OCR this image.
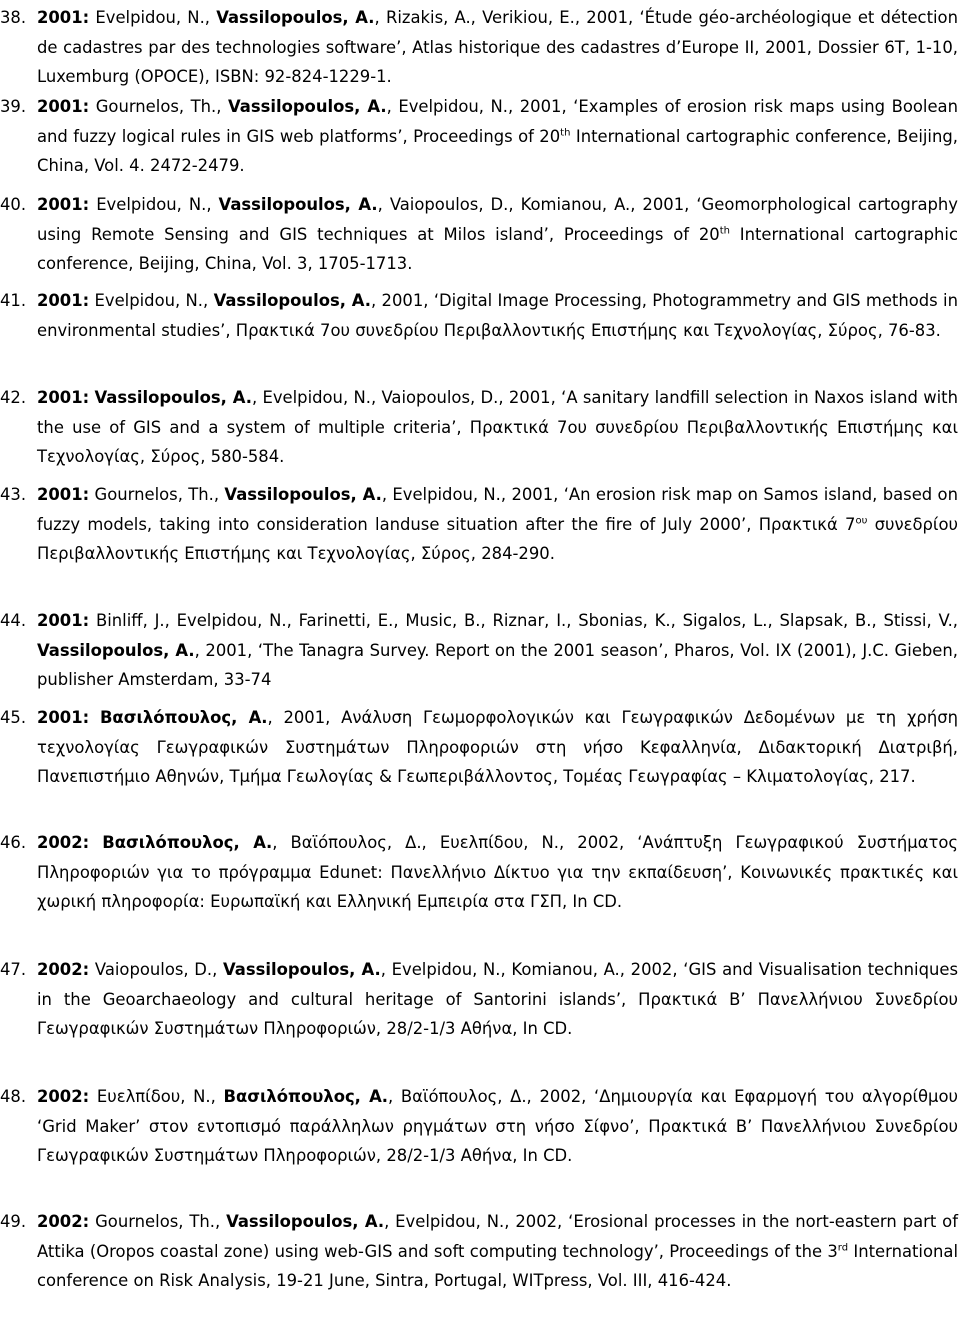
38. 2001: Evelpidou, N., Vassilopoulos, A., Rizakis, A., Verikiou, E., 2001, ‘Étude géo-archéologique et détection de cadastres par des technologies software’, Atlas historique des cadastres d’Europe II, 2001, Dossier 6T, 1-10, Luxemburg (OPOCE), ISBN: 92-824-1229-1.
39. 2001: Gournelos, Th., Vassilopoulos, A., Evelpidou, N., 2001, ‘Examples of erosion risk maps using Boolean and fuzzy logical rules in GIS web platforms’, Proceedings of 20th International cartographic conference, Beijing, China, Vol. 4. 2472-2479.
40. 2001: Evelpidou, N., Vassilopoulos, A., Vaiopoulos, D., Komianou, A., 2001, ‘Geomorphological cartography using Remote Sensing and GIS techniques at Milos island’, Proceedings of 20th International cartographic conference, Beijing, China, Vol. 3, 1705-1713.
41. 2001: Evelpidou, N., Vassilopoulos, A., 2001, ‘Digital Image Processing, Photogrammetry and GIS methods in environmental studies’, Πρακτικά 7ου συνεδρίου Περιβαλλοντικής Επιστήμης και Τεχνολογίας, Σύρος, 76-83.
42. 2001: Vassilopoulos, A., Evelpidou, N., Vaiopoulos, D., 2001, ‘A sanitary landfill selection in Naxos island with the use of GIS and a system of multiple criteria’, Πρακτικά 7ου συνεδρίου Περιβαλλοντικής Επιστήμης και Τεχνολογίας, Σύρος, 580-584.
43. 2001: Gournelos, Th., Vassilopoulos, A., Evelpidou, N., 2001, ‘An erosion risk map on Samos island, based on fuzzy models, taking into consideration landuse situation after the fire of July 2000’, Πρακτικά $7^{o\upsilon}$ συνεδρίου Περιβαλλοντικής Επιστήμης και Τεχνολογίας, Σύρος, 284-290.
44. 2001: Binliff, J., Evelpidou, N., Farinetti, E., Music, B., Riznar, I., Sbonias, K., Sigalos, L., Slapsak, B., Stissi, V., Vassilopoulos, A., 2001, ‘The Tanagra Survey. Report on the 2001 season’, Pharos, Vol. IX (2001), J.C. Gieben, publisher Amsterdam, 33-74
45. 2001: Βασιλόπουλος, Α., 2001, Ανάλυση Γεωμορφολογικών και Γεωγραφικών Δεδομένων με τη χρήση τεχνολογίας Γεωγραφικών Συστημάτων Πληροφοριών στη νήσο Κεφαλληνία, Διδακτορική Διατριβή, Πανεπιστήμιο Αθηνών, Τμήμα Γεωλογίας & Γεωπεριβάλλοντος, Τομέας Γεωγραφίας – Κλιματολογίας, 217.
46. 2002: Βασιλόπουλος, Α., Βαϊόπουλος, Δ., Ευελπίδου, Ν., 2002, ‘Ανάπτυξη Γεωγραφικού Συστήματος Πληροφοριών για το πρόγραμμα Edunet: Πανελλήνιο Δίκτυο για την εκπαίδευση’, Κοινωνικές πρακτικές και χωρική πληροφορία: Ευρωπαϊκή και Ελληνική Εμπειρία στα ΓΣΠ, In CD.
47. 2002: Vaiopoulos, D., Vassilopoulos, A., Evelpidou, N., Komianou, A., 2002, ‘GIS and Visualisation techniques in the Geoarchaeology and cultural heritage of Santorini islands’, Πρακτικά Β’ Πανελλήνιου Συνεδρίου Γεωγραφικών Συστημάτων Πληροφοριών, 28/2-1/3 Αθήνα, In CD.
48. 2002: Ευελπίδου, Ν., Βασιλόπουλος, Α., Βαϊόπουλος, Δ., 2002, ‘Δημιουργία και Εφαρμογή του αλγορίθμου ‘Grid Maker’ στον εντοπισμό παράλληλων ρηγμάτων στη νήσο Σίφνο’, Πρακτικά Β’ Πανελλήνιου Συνεδρίου Γεωγραφικών Συστημάτων Πληροφοριών, 28/2-1/3 Αθήνα, In CD.
49. 2002: Gournelos, Th., Vassilopoulos, A., Evelpidou, N., 2002, ‘Erosional processes in the nort-eastern part of Attika (Oropos coastal zone) using web-GIS and soft computing technology’, Proceedings of the 3rd International conference on Risk Analysis, 19-21 June, Sintra, Portugal, WITpress, Vol. III, 416-424.
